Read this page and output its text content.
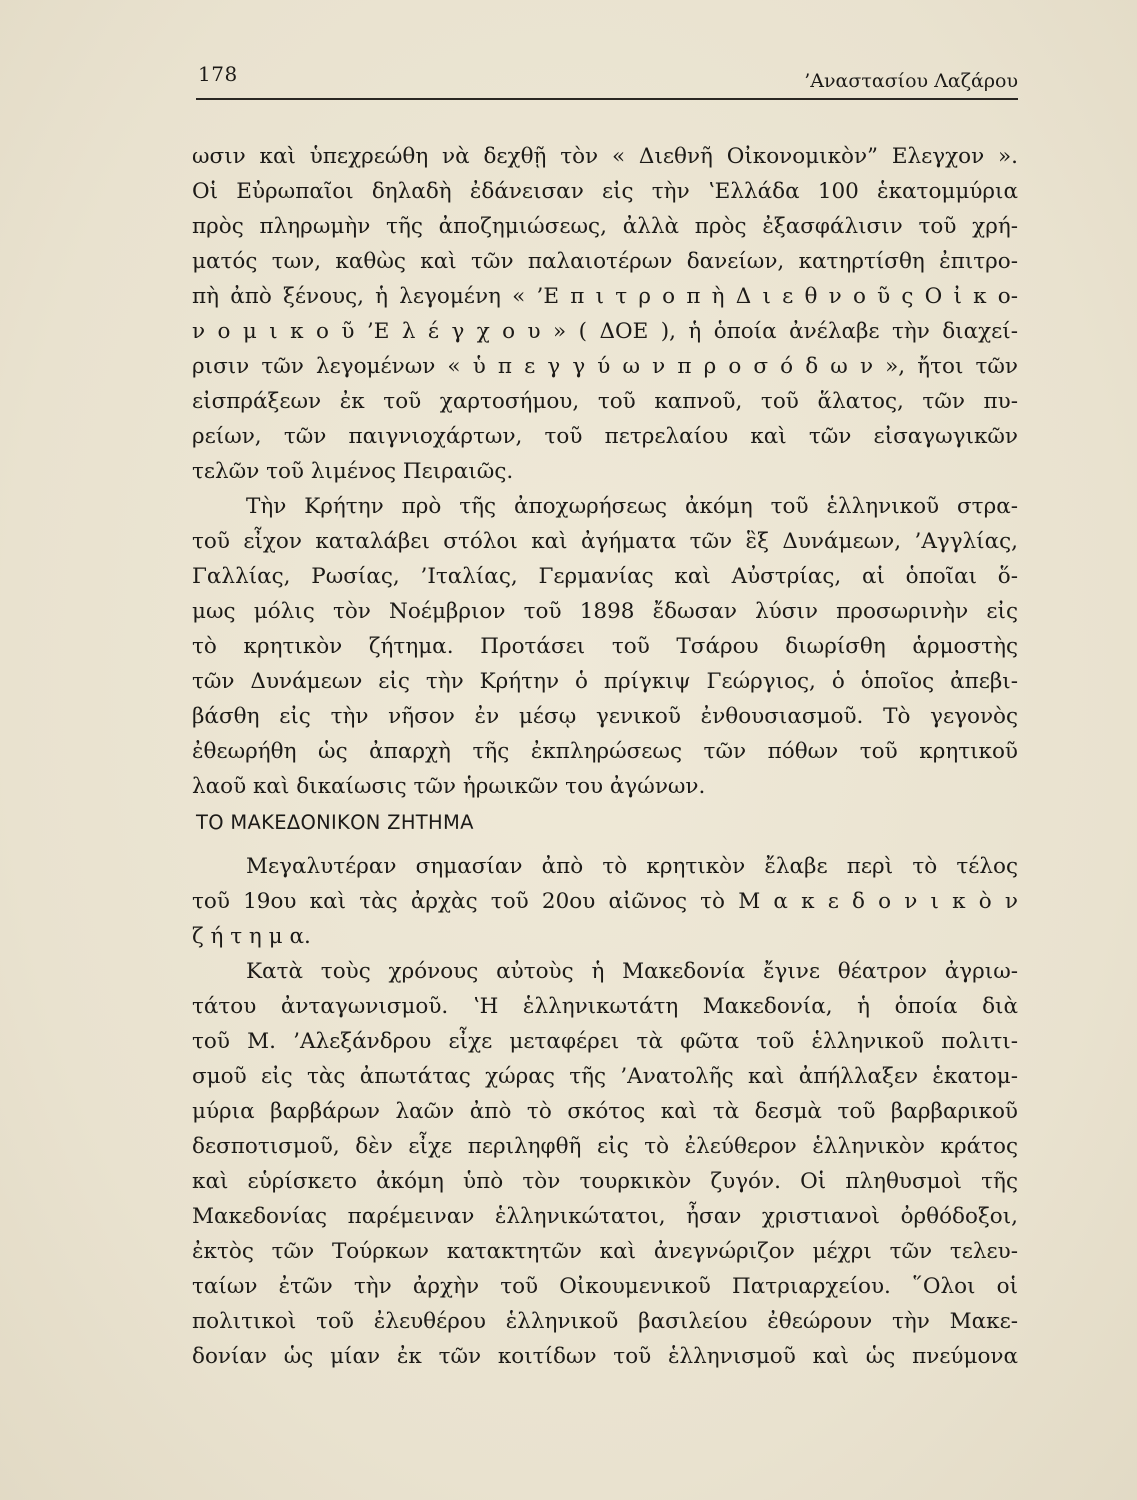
178	’Αναστασίου Λαζάρου
ωσιν καὶ ὑπεχρεώθη νὰ δεχθῇ τὸν « Διεθνῆ Οἰκονομικὸν” Ελεγχον ».
Οἱ Εὐρωπαῖοι δηλαδὴ ἐδάνεισαν εἰς τὴν ʽΕλλάδα 100 ἑκατομμύρια
πρὸς πληρωμὴν τῆς ἀποζημιώσεως, ἀλλὰ πρὸς ἐξασφάλισιν τοῦ χρή-
ματός των, καθὼς καὶ τῶν παλαιοτέρων δανείων, κατηρτίσθη ἐπιτρο-
πὴ ἀπὸ ξένους, ἡ λεγομένη « ’Ε π ι τ ρ ο π ὴ Δ ι ε θ ν ο ῦ ς Ο ἰ κ ο-
ν ο μ ι κ ο ῦ ’Ε λ έ γ χ ο υ » ( ΔΟΕ ), ἡ ὁποία ἀνέλαβε τὴν διαχεί-
ρισιν τῶν λεγομένων « ὑ π ε γ γ ύ ω ν π ρ ο σ ό δ ω ν », ἤτοι τῶν
εἰσπράξεων ἐκ τοῦ χαρτοσήμου, τοῦ καπνοῦ, τοῦ ἅλατος, τῶν πυ-
ρείων, τῶν παιγνιοχάρτων, τοῦ πετρελαίου καὶ τῶν εἰσαγωγικῶν
τελῶν τοῦ λιμένος Πειραιῶς.
Τὴν Κρήτην πρὸ τῆς ἀποχωρήσεως ἀκόμη τοῦ ἑλληνικοῦ στρα-
τοῦ εἶχον καταλάβει στόλοι καὶ ἀγήματα τῶν ἓξ Δυνάμεων, ’Αγγλίας,
Γαλλίας, Ρωσίας, ’Ιταλίας, Γερμανίας καὶ Αὐστρίας, αἱ ὁποῖαι ὅ-
μως μόλις τὸν Νοέμβριον τοῦ 1898 ἔδωσαν λύσιν προσωρινὴν εἰς
τὸ κρητικὸν ζήτημα. Προτάσει τοῦ Τσάρου διωρίσθη ἁρμοστὴς
τῶν Δυνάμεων εἰς τὴν Κρήτην ὁ πρίγκιψ Γεώργιος, ὁ ὁποῖος ἀπεβι-
βάσθη εἰς τὴν νῆσον ἐν μέσῳ γενικοῦ ἐνθουσιασμοῦ. Τὸ γεγονὸς
ἐθεωρήθη ὡς ἀπαρχὴ τῆς ἐκπληρώσεως τῶν πόθων τοῦ κρητικοῦ
λαοῦ καὶ δικαίωσις τῶν ἡρωικῶν του ἀγώνων.
ΤΟ ΜΑΚΕΔΟΝΙΚΟΝ ΖΗΤΗΜΑ
Μεγαλυτέραν σημασίαν ἀπὸ τὸ κρητικὸν ἔλαβε περὶ τὸ τέλος
τοῦ 19ου καὶ τὰς ἀρχὰς τοῦ 20ου αἰῶνος τὸ Μ α κ ε δ ο ν ι κ ὸ ν
ζ ή τ η μ α.
Κατὰ τοὺς χρόνους αὐτοὺς ἡ Μακεδονία ἔγινε θέατρον ἀγριω-
τάτου ἀνταγωνισμοῦ. ʽΗ ἑλληνικωτάτη Μακεδονία, ἡ ὁποία διὰ
τοῦ Μ. ’Αλεξάνδρου εἶχε μεταφέρει τὰ φῶτα τοῦ ἑλληνικοῦ πολιτι-
σμοῦ εἰς τὰς ἀπωτάτας χώρας τῆς ’Ανατολῆς καὶ ἀπήλλαξεν ἑκατομ-
μύρια βαρβάρων λαῶν ἀπὸ τὸ σκότος καὶ τὰ δεσμὰ τοῦ βαρβαρικοῦ
δεσποτισμοῦ, δὲν εἶχε περιληφθῆ εἰς τὸ ἐλεύθερον ἑλληνικὸν κράτος
καὶ εὑρίσκετο ἀκόμη ὑπὸ τὸν τουρκικὸν ζυγόν. Οἱ πληθυσμοὶ τῆς
Μακεδονίας παρέμειναν ἑλληνικώτατοι, ἦσαν χριστιανοὶ ὀρθόδοξοι,
ἐκτὸς τῶν Τούρκων κατακτητῶν καὶ ἀνεγνώριζον μέχρι τῶν τελευ-
ταίων ἐτῶν τὴν ἀρχὴν τοῦ Οἰκουμενικοῦ Πατριαρχείου. ῞Ολοι οἱ
πολιτικοὶ τοῦ ἐλευθέρου ἑλληνικοῦ βασιλείου ἐθεώρουν τὴν Μακε-
δονίαν ὡς μίαν ἐκ τῶν κοιτίδων τοῦ ἑλληνισμοῦ καὶ ὡς πνεύμονα
